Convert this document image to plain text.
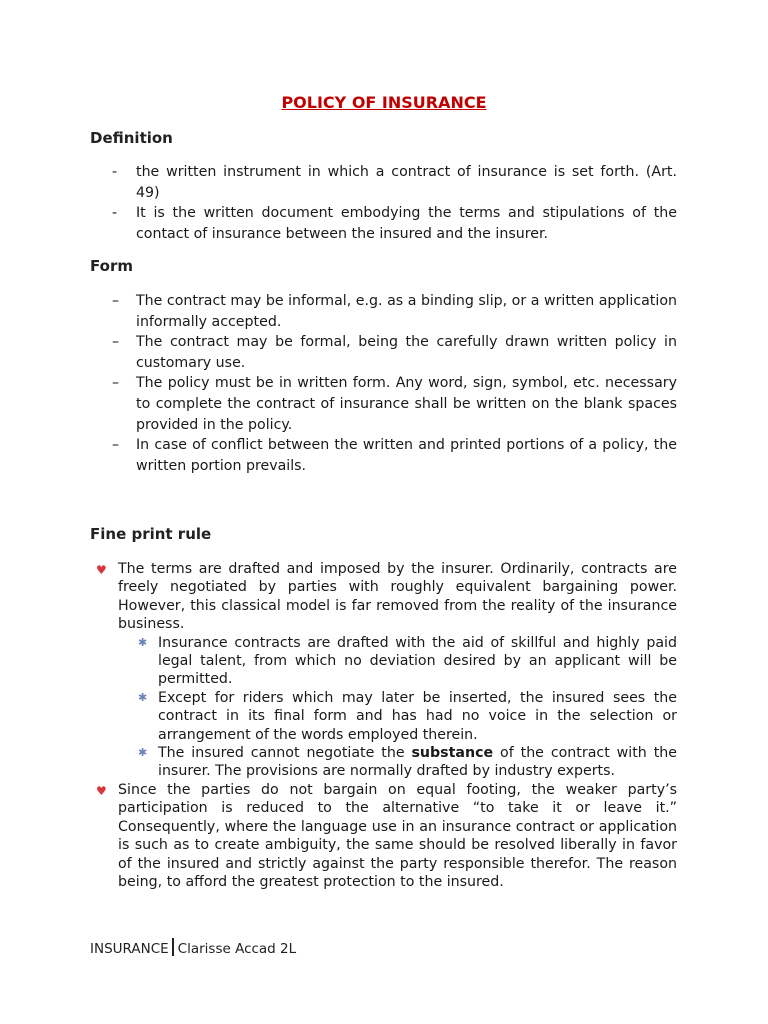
POLICY OF INSURANCE
Definition
- the written instrument in which a contract of insurance is set forth. (Art. 49)
- It is the written document embodying the terms and stipulations of the contact of insurance between the insured and the insurer.
Form
– The contract may be informal, e.g. as a binding slip, or a written application informally accepted.
– The contract may be formal, being the carefully drawn written policy in customary use.
– The policy must be in written form. Any word, sign, symbol, etc. necessary to complete the contract of insurance shall be written on the blank spaces provided in the policy.
– In case of conflict between the written and printed portions of a policy, the written portion prevails.
Fine print rule
♥ The terms are drafted and imposed by the insurer. Ordinarily, contracts are freely negotiated by parties with roughly equivalent bargaining power. However, this classical model is far removed from the reality of the insurance business.
✱ Insurance contracts are drafted with the aid of skillful and highly paid legal talent, from which no deviation desired by an applicant will be permitted.
✱ Except for riders which may later be inserted, the insured sees the contract in its final form and has had no voice in the selection or arrangement of the words employed therein.
✱ The insured cannot negotiate the substance of the contract with the insurer. The provisions are normally drafted by industry experts.
♥ Since the parties do not bargain on equal footing, the weaker party’s participation is reduced to the alternative “to take it or leave it.” Consequently, where the language use in an insurance contract or application is such as to create ambiguity, the same should be resolved liberally in favor of the insured and strictly against the party responsible therefor. The reason being, to afford the greatest protection to the insured.
INSURANCE Clarisse Accad 2L
